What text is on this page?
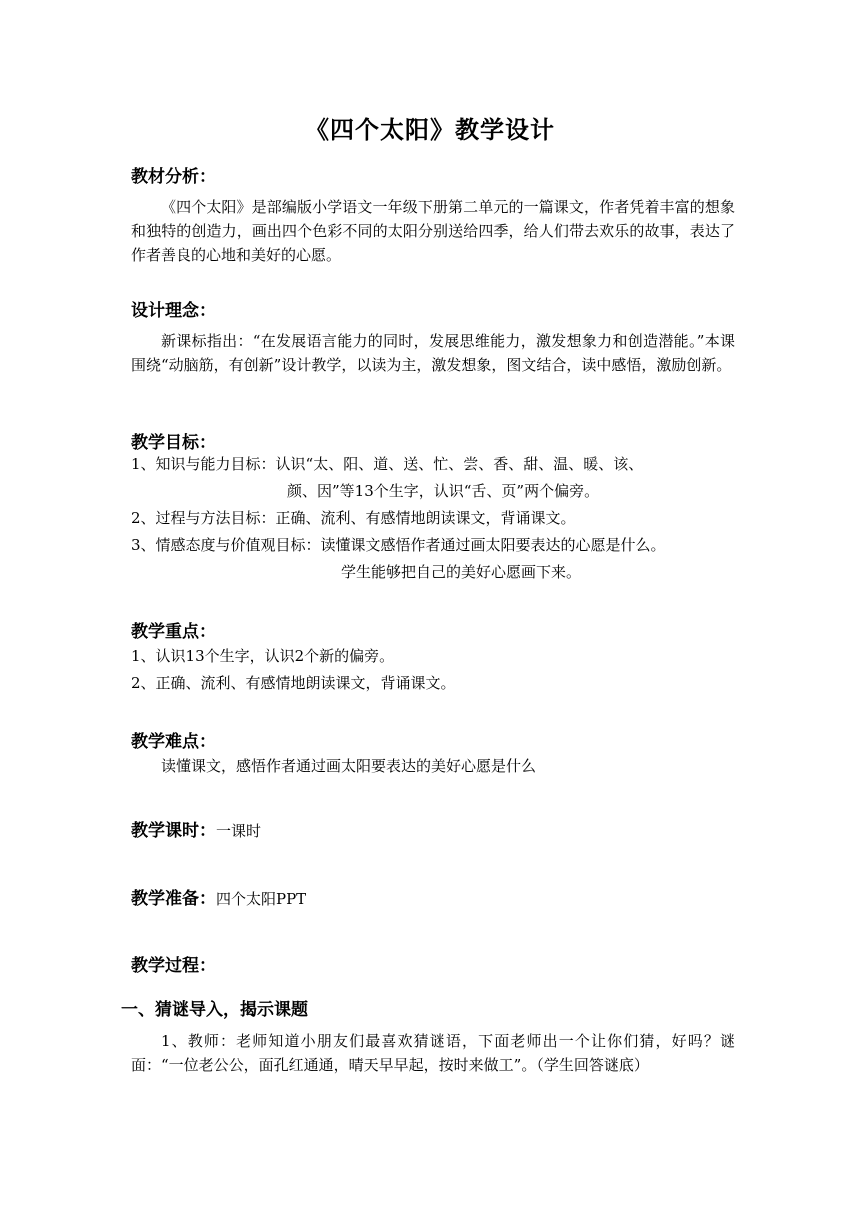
《四个太阳》教学设计
教材分析：

《四个太阳》是部编版小学语文一年级下册第二单元的一篇课文，作者凭着丰富的想象和独特的创造力，画出四个色彩不同的太阳分别送给四季，给人们带去欢乐的故事，表达了作者善良的心地和美好的心愿。

设计理念：

新课标指出：“在发展语言能力的同时，发展思维能力，激发想象力和创造潜能。”本课围绕“动脑筋，有创新”设计教学，以读为主，激发想象，图文结合，读中感悟，激励创新。

教学目标：
1、知识与能力目标：认识“太、阳、道、送、忙、尝、香、甜、温、暖、该、
颜、因”等13个生字，认识“舌、页”两个偏旁。
2、过程与方法目标：正确、流利、有感情地朗读课文，背诵课文。
3、情感态度与价值观目标：读懂课文感悟作者通过画太阳要表达的心愿是什么。
学生能够把自己的美好心愿画下来。
教学重点：
1、认识13个生字，认识2个新的偏旁。
2、正确、流利、有感情地朗读课文，背诵课文。
教学难点：
读懂课文，感悟作者通过画太阳要表达的美好心愿是什么
教学课时：一课时
教学准备：四个太阳PPT
教学过程：
一、猜谜导入，揭示课题

1、教师：老师知道小朋友们最喜欢猜谜语，下面老师出一个让你们猜，好吗？谜面：“一位老公公，面孔红通通，晴天早早起，按时来做工”。（学生回答谜底）
